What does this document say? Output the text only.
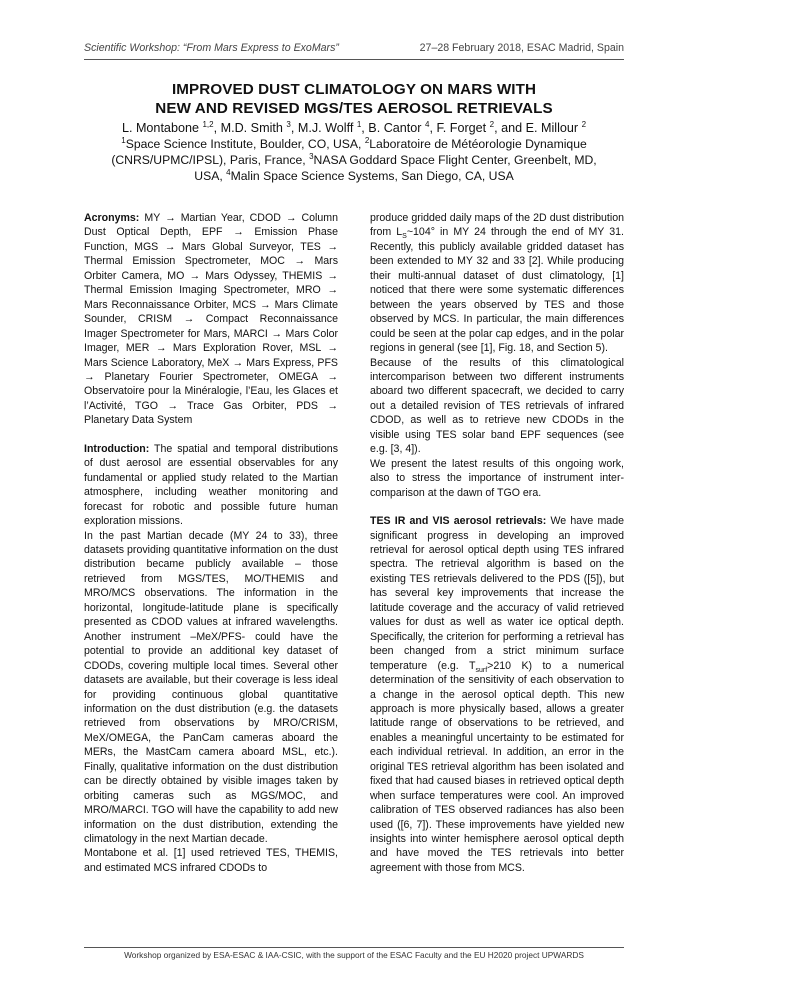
Scientific Workshop: “From Mars Express to ExoMars”	27–28 February 2018, ESAC Madrid, Spain
IMPROVED DUST CLIMATOLOGY ON MARS WITH
NEW AND REVISED MGS/TES AEROSOL RETRIEVALS
L. Montabone $^{1,2}$, M.D. Smith $^3$, M.J. Wolff $^1$, B. Cantor $^4$, F. Forget $^2$, and E. Millour $^2$
$^1$Space Science Institute, Boulder, CO, USA, $^2$Laboratoire de Météorologie Dynamique
(CNRS/UPMC/IPSL), Paris, France, $^3$NASA Goddard Space Flight Center, Greenbelt, MD,
USA, $^4$Malin Space Science Systems, San Diego, CA, USA

Acronyms: MY → Martian Year, CDOD → Column Dust Optical Depth, EPF → Emission Phase Function, MGS → Mars Global Surveyor, TES → Thermal Emission Spectrometer, MOC → Mars Orbiter Camera, MO → Mars Odyssey, THEMIS → Thermal Emission Imaging Spectrometer, MRO → Mars Reconnaissance Orbiter, MCS → Mars Climate Sounder, CRISM → Compact Reconnaissance Imager Spectrometer for Mars, MARCI → Mars Color Imager, MER → Mars Exploration Rover, MSL → Mars Science Laboratory, MeX → Mars Express, PFS → Planetary Fourier Spectrometer, OMEGA → Observatoire pour la Minéralogie, l’Eau, les Glaces et l’Activité, TGO → Trace Gas Orbiter, PDS → Planetary Data System

Introduction: The spatial and temporal distributions of dust aerosol are essential observables for any fundamental or applied study related to the Martian atmosphere, including weather monitoring and forecast for robotic and possible future human exploration missions.

In the past Martian decade (MY 24 to 33), three datasets providing quantitative information on the dust distribution became publicly available – those retrieved from MGS/TES, MO/THEMIS and MRO/MCS observations. The information in the horizontal, longitude-latitude plane is specifically presented as CDOD values at infrared wavelengths. Another instrument –MeX/PFS- could have the potential to provide an additional key dataset of CDODs, covering multiple local times. Several other datasets are available, but their coverage is less ideal for providing continuous global quantitative information on the dust distribution (e.g. the datasets retrieved from observations by MRO/CRISM, MeX/OMEGA, the PanCam cameras aboard the MERs, the MastCam camera aboard MSL, etc.). Finally, qualitative information on the dust distribution can be directly obtained by visible images taken by orbiting cameras such as MGS/MOC, and MRO/MARCI. TGO will have the capability to add new information on the dust distribution, extending the climatology in the next Martian decade.

Montabone et al. [1] used retrieved TES, THEMIS, and estimated MCS infrared CDODs to

produce gridded daily maps of the 2D dust distribution from $L_S\sim 104^\circ$ in MY 24 through the end of MY 31. Recently, this publicly available gridded dataset has been extended to MY 32 and 33 [2]. While producing their multi-annual dataset of dust climatology, [1] noticed that there were some systematic differences between the years observed by TES and those observed by MCS. In particular, the main differences could be seen at the polar cap edges, and in the polar regions in general (see [1], Fig. 18, and Section 5).

Because of the results of this climatological intercomparison between two different instruments aboard two different spacecraft, we decided to carry out a detailed revision of TES retrievals of infrared CDOD, as well as to retrieve new CDODs in the visible using TES solar band EPF sequences (see e.g. [3, 4]).

We present the latest results of this ongoing work, also to stress the importance of instrument inter-comparison at the dawn of TGO era.

TES IR and VIS aerosol retrievals: We have made significant progress in developing an improved retrieval for aerosol optical depth using TES infrared spectra. The retrieval algorithm is based on the existing TES retrievals delivered to the PDS ([5]), but has several key improvements that increase the latitude coverage and the accuracy of valid retrieved values for dust as well as water ice optical depth. Specifically, the criterion for performing a retrieval has been changed from a strict minimum surface temperature (e.g. $T_{surf}>210$ K) to a numerical determination of the sensitivity of each observation to a change in the aerosol optical depth. This new approach is more physically based, allows a greater latitude range of observations to be retrieved, and enables a meaningful uncertainty to be estimated for each individual retrieval. In addition, an error in the original TES retrieval algorithm has been isolated and fixed that had caused biases in retrieved optical depth when surface temperatures were cool. An improved calibration of TES observed radiances has also been used ([6, 7]). These improvements have yielded new insights into winter hemisphere aerosol optical depth and have moved the TES retrievals into better agreement with those from MCS.

Workshop organized by ESA-ESAC & IAA-CSIC, with the support of the ESAC Faculty and the EU H2020 project UPWARDS
